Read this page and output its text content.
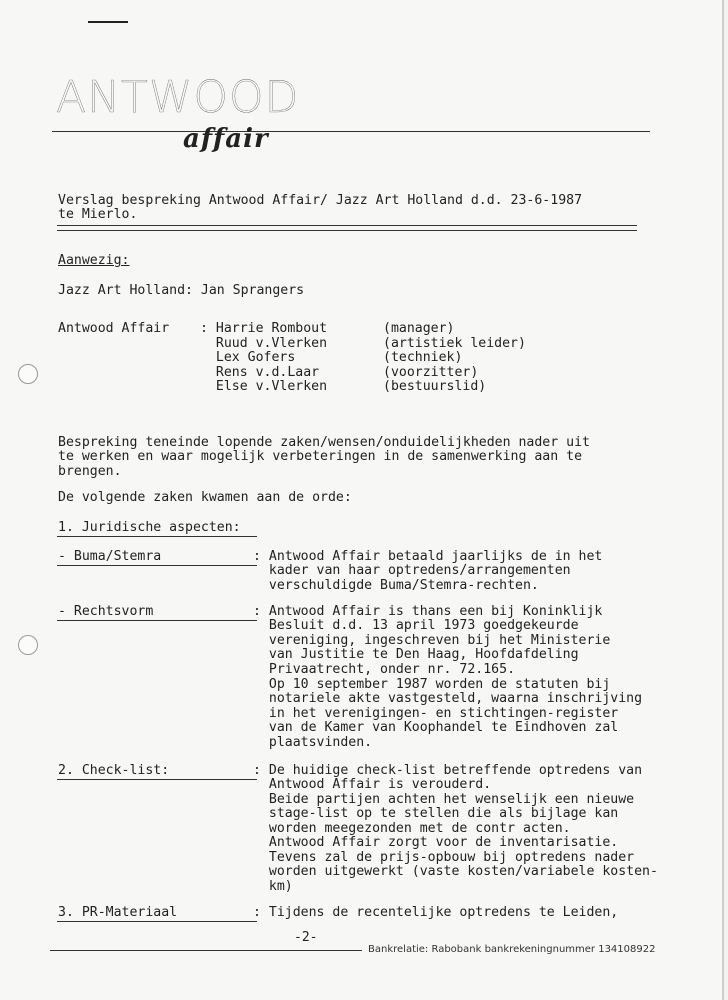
ANTWOOD
affair
Verslag bespreking Antwood Affair/ Jazz Art Holland d.d. 23-6-1987
te Mierlo.
Aanwezig:
Jazz Art Holland: Jan Sprangers
Antwood Affair : Harrie Rombout	(manager)
Ruud v.Vlerken	(artistiek leider)
Lex Gofers	(techniek)
Rens v.d.Laar	(voorzitter)
Else v.Vlerken	(bestuurslid)
Bespreking teneinde lopende zaken/wensen/onduidelijkheden nader uit
te werken en waar mogelijk verbeteringen in de samenwerking aan te
brengen.
De volgende zaken kwamen aan de orde:
1. Juridische aspecten:
- Buma/Stemra	: Antwood Affair betaald jaarlijks de in het
kader van haar optredens/arrangementen
verschuldigde Buma/Stemra-rechten.
- Rechtsvorm	: Antwood Affair is thans een bij Koninklijk
Besluit d.d. 13 april 1973 goedgekeurde
vereniging, ingeschreven bij het Ministerie
van Justitie te Den Haag, Hoofdafdeling
Privaatrecht, onder nr. 72.165.
Op 10 september 1987 worden de statuten bij
notariele akte vastgesteld, waarna inschrijving
in het verenigingen- en stichtingen-register
van de Kamer van Koophandel te Eindhoven zal
plaatsvinden.
2. Check-list:	: De huidige check-list betreffende optredens van
Antwood Affair is verouderd.
Beide partijen achten het wenselijk een nieuwe
stage-list op te stellen die als bijlage kan
worden meegezonden met de contr acten.
Antwood Affair zorgt voor de inventarisatie.
Tevens zal de prijs-opbouw bij optredens nader
worden uitgewerkt (vaste kosten/variabele kosten-
km)
3. PR-Materiaal	: Tijdens de recentelijke optredens te Leiden,
-2-
Bankrelatie: Rabobank bankrekeningnummer 134108922
